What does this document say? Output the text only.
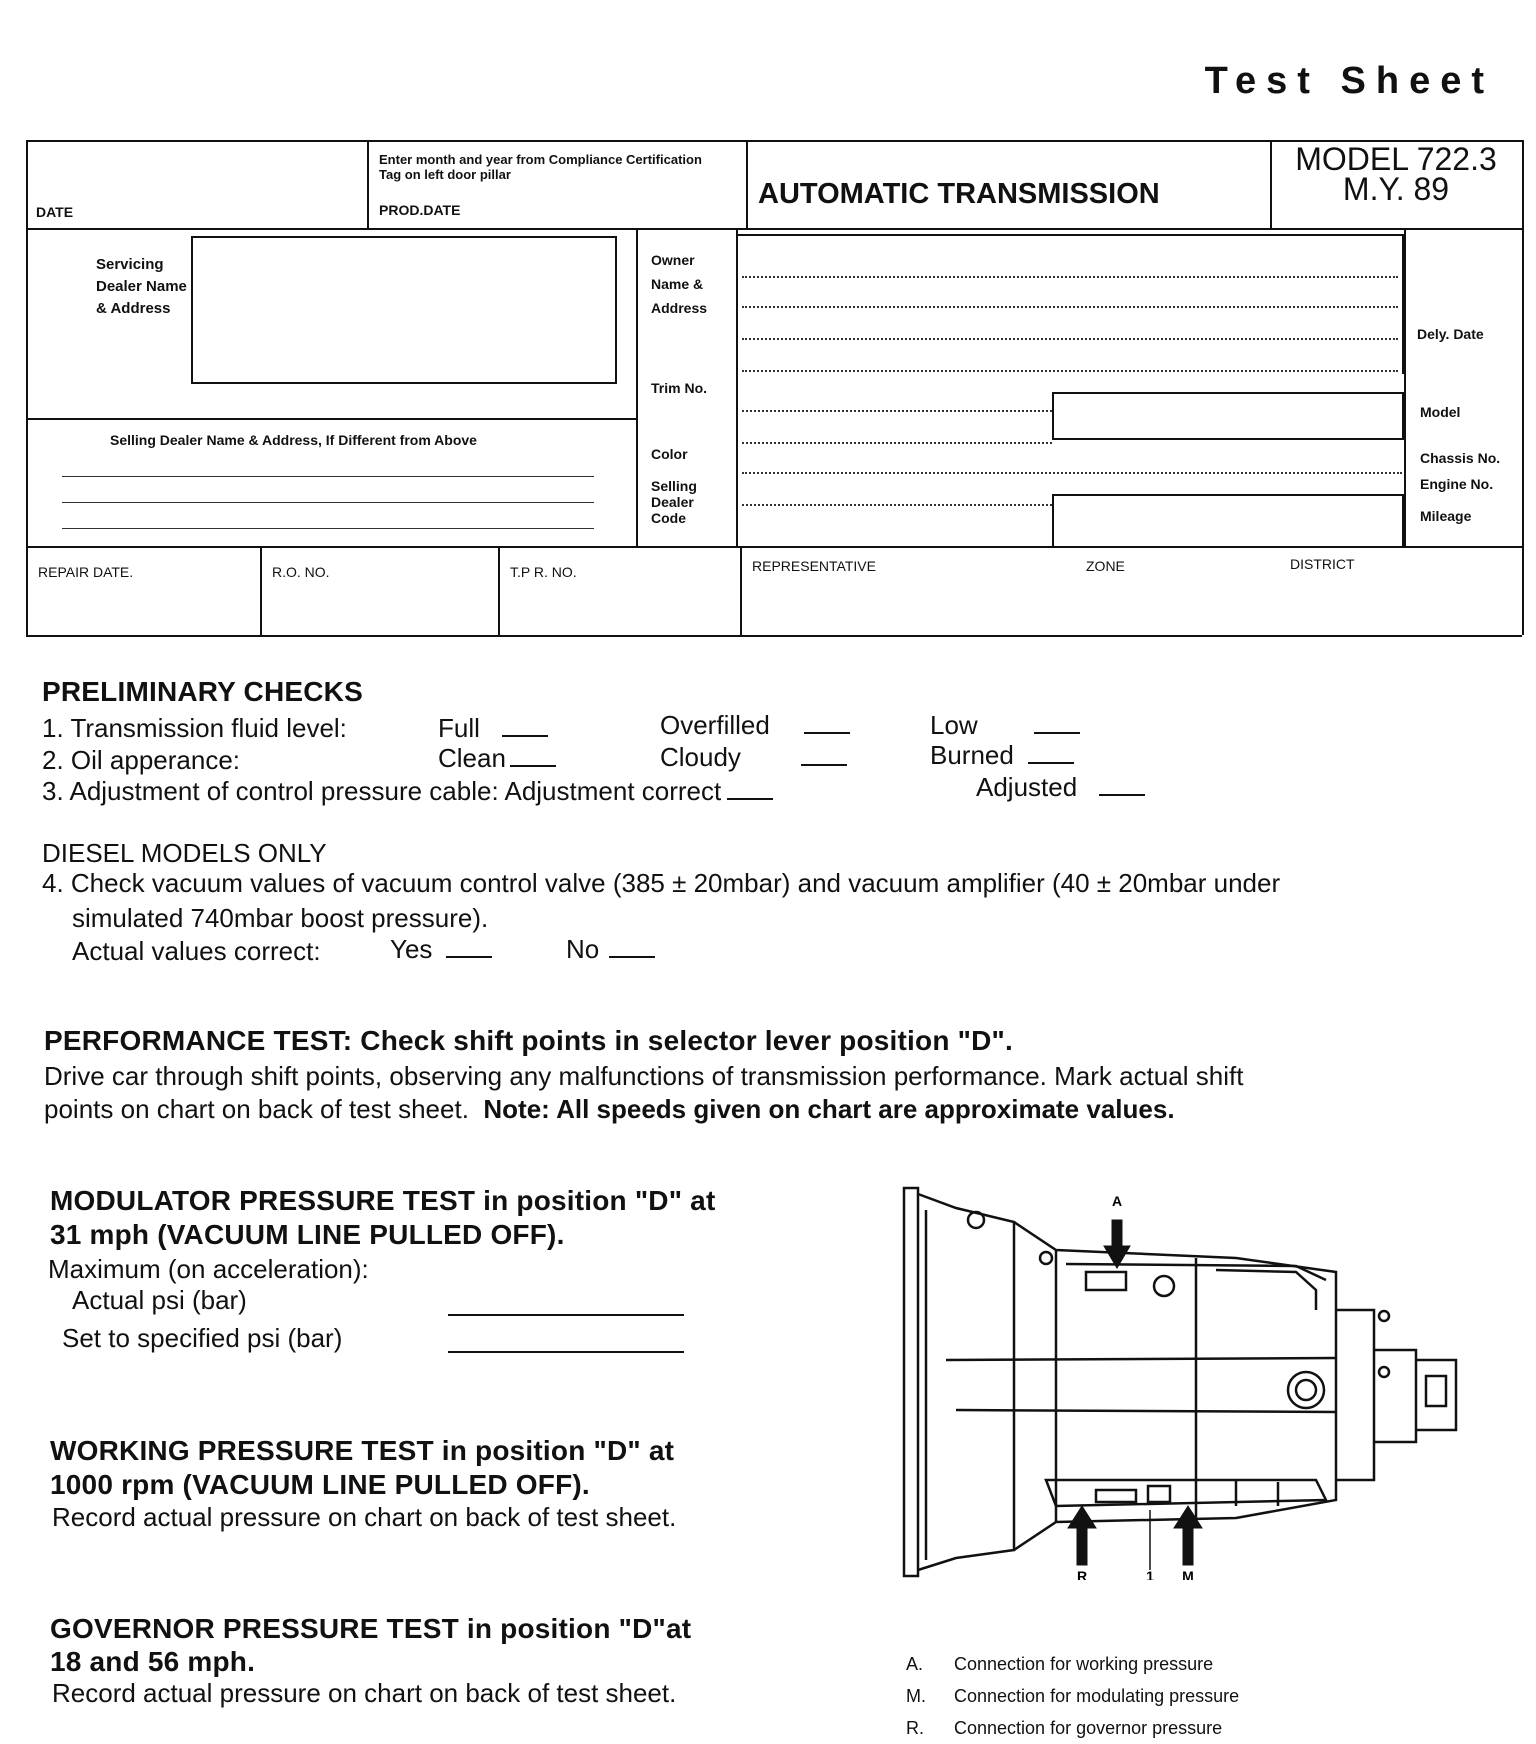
Test Sheet
DATE
Enter month and year from Compliance Certification Tag on left door pillar
PROD.DATE	AUTOMATIC TRANSMISSION
MODEL 722.3
M.Y. 89
Servicing Dealer Name & Address
Selling Dealer Name & Address, If Different from Above
Owner Name & Address
Trim No.
Color
Selling Dealer Code
Dely. Date
Model
Chassis No.
Engine No.
Mileage
REPAIR DATE.	R.O. NO.	T.P R. NO.	REPRESENTATIVE	ZONE	DISTRICT
PRELIMINARY CHECKS
1. Transmission fluid level:	Full	Overfilled	Low
2. Oil apperance:	Clean	Cloudy	Burned
3. Adjustment of control pressure cable: Adjustment correct	Adjusted
DIESEL MODELS ONLY
4. Check vacuum values of vacuum control valve (385 ± 20mbar) and vacuum amplifier (40 ± 20mbar under
simulated 740mbar boost pressure).
Actual values correct:	Yes	No
PERFORMANCE TEST: Check shift points in selector lever position "D".
Drive car through shift points, observing any malfunctions of transmission performance. Mark actual shift
points on chart on back of test sheet. Note: All speeds given on chart are approximate values.
MODULATOR PRESSURE TEST in position "D" at
31 mph (VACUUM LINE PULLED OFF).
Maximum (on acceleration):
Actual psi (bar)
Set to specified psi (bar)
WORKING PRESSURE TEST in position "D" at
1000 rpm (VACUUM LINE PULLED OFF).
Record actual pressure on chart on back of test sheet.
GOVERNOR PRESSURE TEST in position "D"at
18 and 56 mph.
Record actual pressure on chart on back of test sheet.
A
R	1 M
A. Connection for working pressure
M. Connection for modulating pressure
R. Connection for governor pressure
